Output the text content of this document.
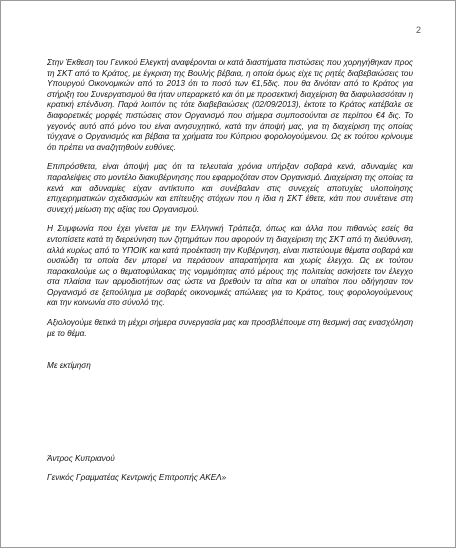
2

Στην Έκθεση του Γενικού Ελεγκτή αναφέρονται οι κατά διαστήματα πιστώσεις που χορηγήθηκαν προς τη ΣΚΤ από το Κράτος, με έγκριση της Βουλής βέβαια, η οποία όμως είχε τις ρητές διαβεβαιώσεις του Υπουργού Οικονομικών από το 2013 ότι το ποσό των €1,5δις. που θα δινόταν από το Κράτος για στήριξη του Συνεργατισμού θα ήταν υπεραρκετό και ότι με προσεκτική διαχείριση θα διαφυλασσόταν η κρατική επένδυση. Παρά λοιπόν τις τότε διαβεβαιώσεις (02/09/2013), έκτοτε το Κράτος κατέβαλε σε διαφορετικές μορφές πιστώσεις στον Οργανισμό που σήμερα συμποσούνται σε περίπου €4 δις. Το γεγονός αυτό από μόνο του είναι ανησυχητικό, κατά την άποψή μας, για τη διαχείριση της οποίας τύγχανε ο Οργανισμός και βέβαια τα χρήματα του Κύπριου φορολογούμενου. Ως εκ τούτου κρίνουμε ότι πρέπει να αναζητηθούν ευθύνες.

Επιπρόσθετα, είναι άποψή μας ότι τα τελευταία χρόνια υπήρξαν σοβαρά κενά, αδυναμίες και παραλείψεις στο μοντέλο διακυβέρνησης που εφαρμοζόταν στον Οργανισμό. Διαχείριση της οποίας τα κενά και αδυναμίες είχαν αντίκτυπο και συνέβαλαν στις συνεχείς αποτυχίες υλοποίησης επιχειρηματικών σχεδιασμών και επίτευξης στόχων που η ίδια η ΣΚΤ έθετε, κάτι που συνέτεινε στη συνεχή μείωση της αξίας του Οργανισμού.

Η Συμφωνία που έχει γίνεται με την Ελληνική Τράπεζα, όπως και άλλα που πιθανώς εσείς θα εντοπίσετε κατά τη διερεύνηση των ζητημάτων που αφορούν τη διαχείριση της ΣΚΤ από τη διεύθυνση, αλλά κυρίως από το ΥΠΟΙΚ και κατά προέκταση την Κυβέρνηση, είναι πιστεύουμε θέματα σοβαρά και ουσιώδη τα οποία δεν μπορεί να περάσουν απαρατήρητα και χωρίς έλεγχο. Ως εκ τούτου παρακαλούμε ως ο θεματοφύλακας της νομιμότητας από μέρους της πολιτείας ασκήσετε τον έλεγχο στα πλαίσια των αρμοδιοτήτων σας ώστε να βρεθούν τα αίτια και οι υπαίτιοι που οδήγησαν τον Οργανισμό σε ξεπούλημα με σοβαρές οικονομικές απώλειες για το Κράτος, τους φορολογούμενους και την κοινωνία στο σύνολό της.

Αξιολογούμε θετικά τη μέχρι σήμερα συνεργασία μας και προσβλέπουμε στη θεσμική σας ενασχόληση με το θέμα.

Με εκτίμηση

Άντρος Κυπριανού
Γενικός Γραμματέας Κεντρικής Επιτροπής ΑΚΕΛ»
